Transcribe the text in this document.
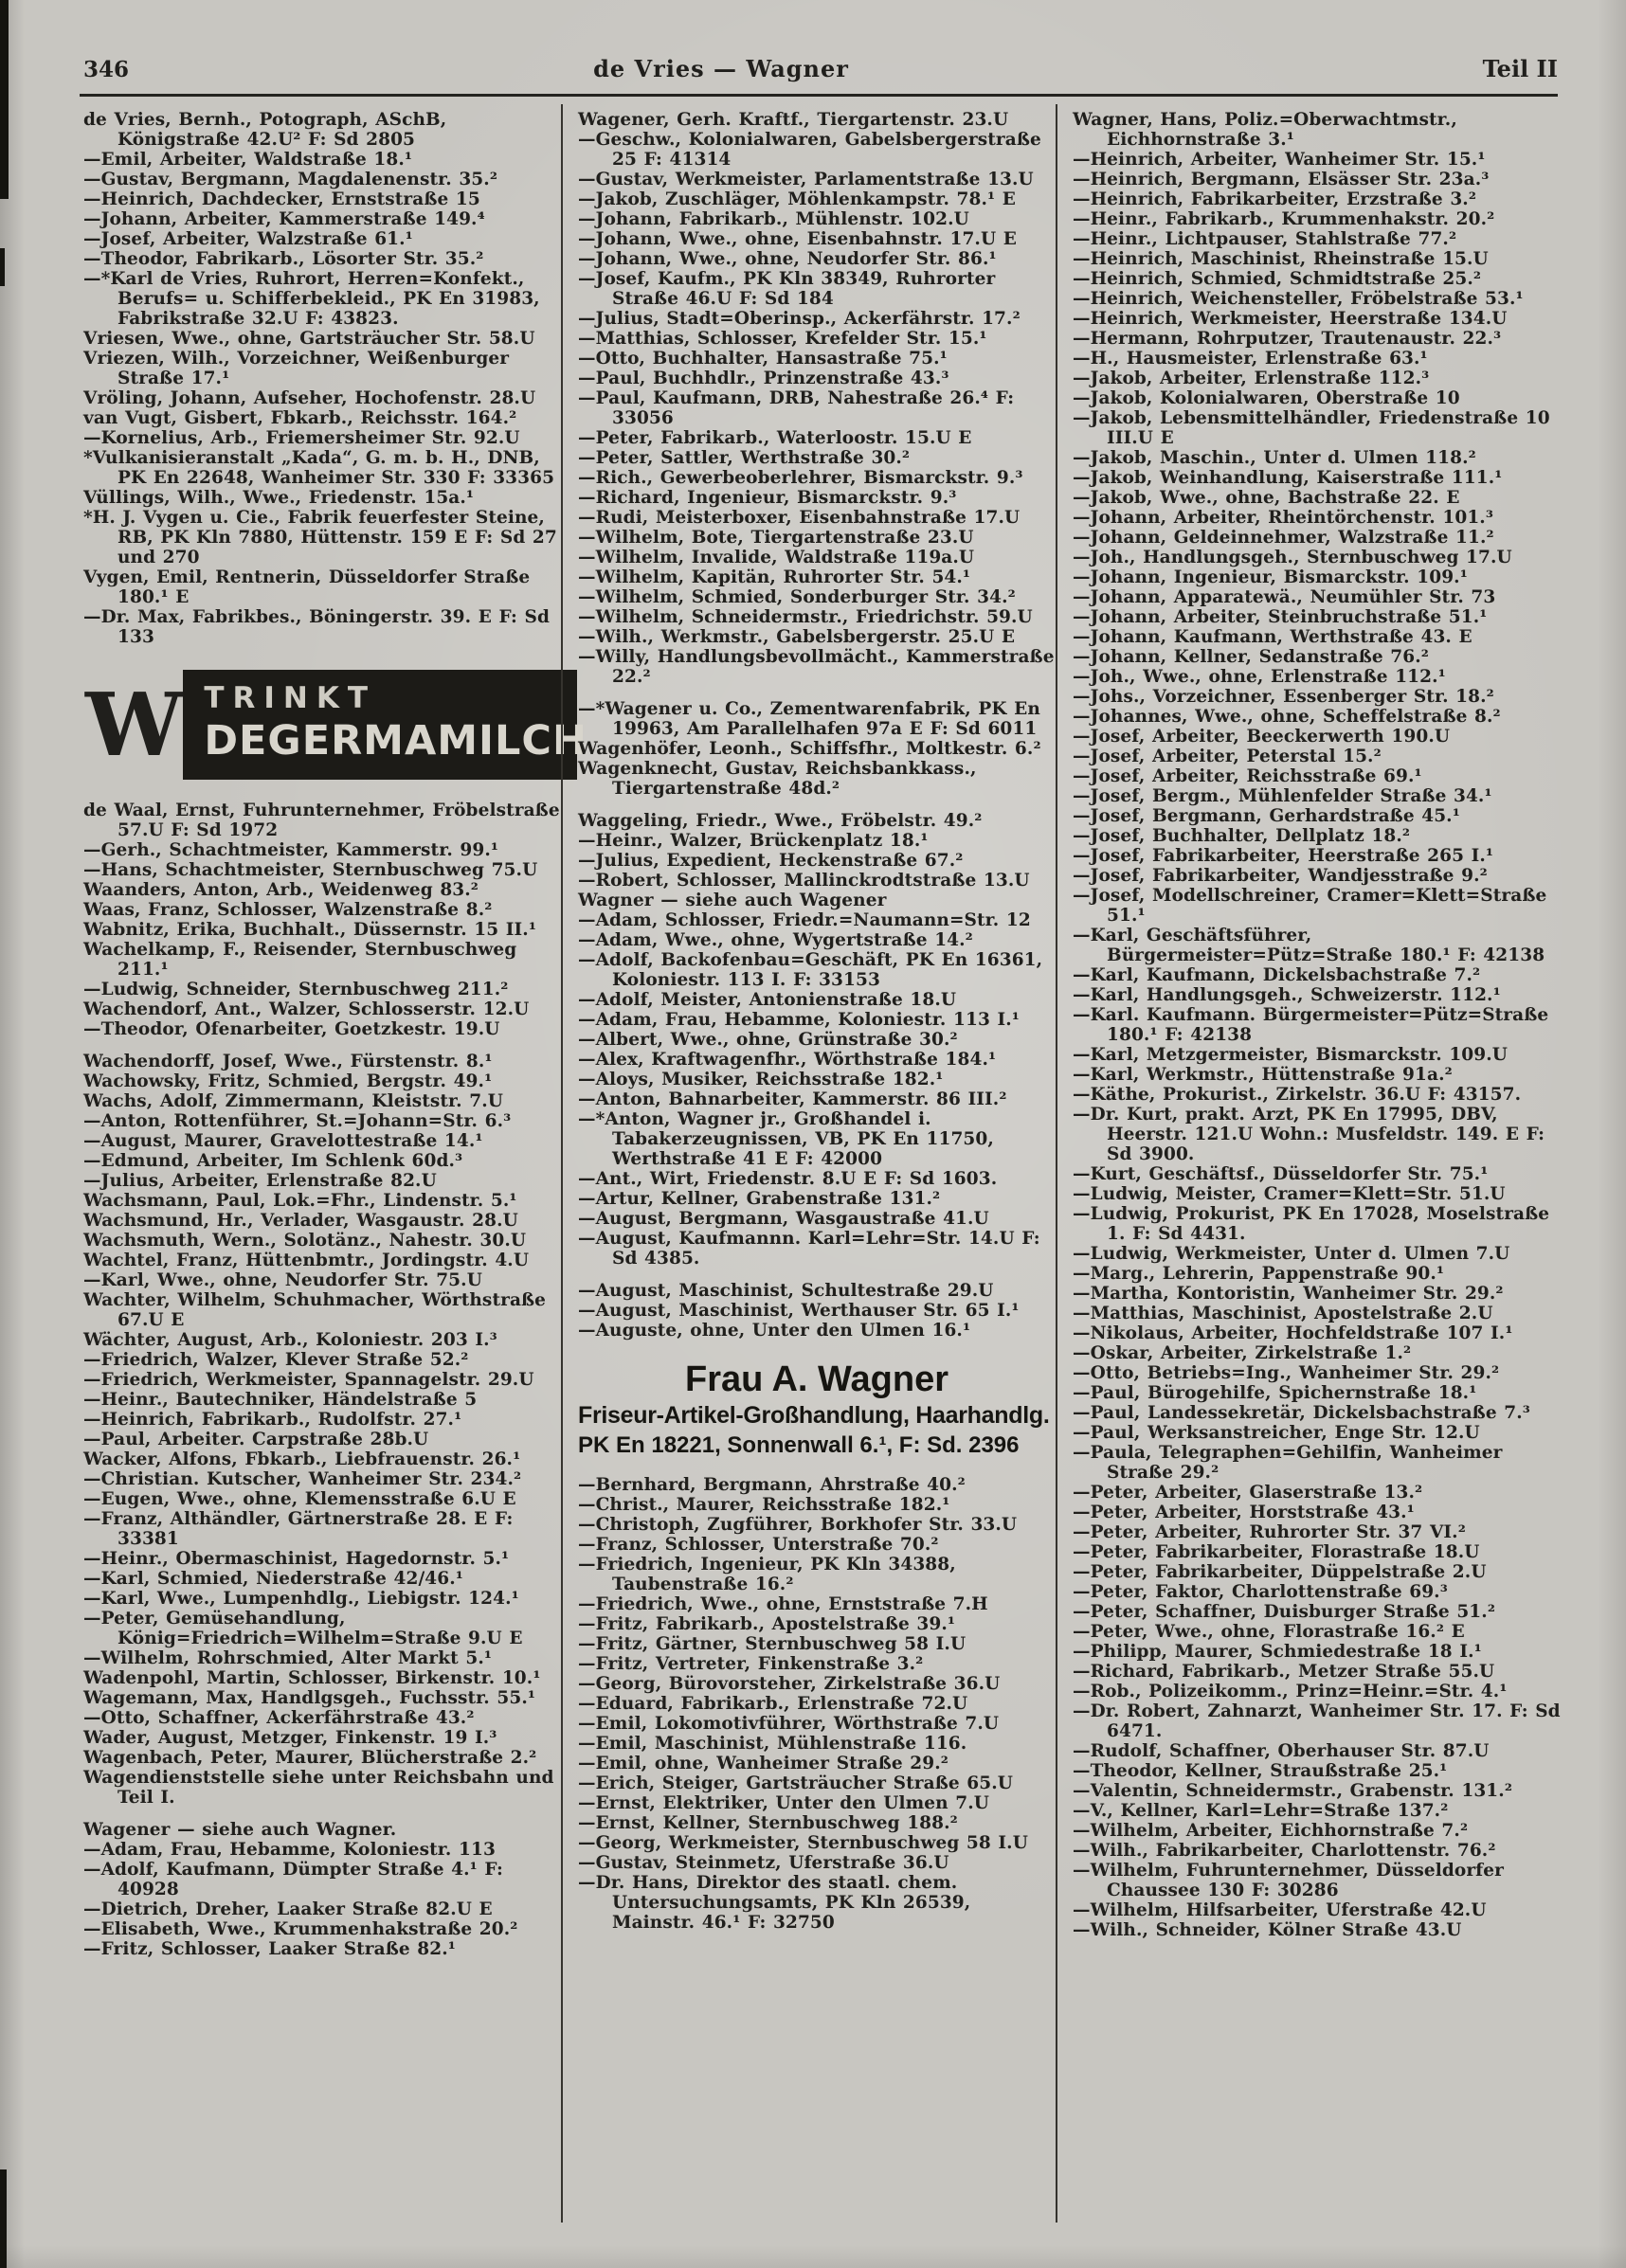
346	de Vries — Wagner	Teil II

de Vries, Bernh., Potograph, ASchB, Königstraße 42.U² F: Sd 2805

—Emil, Arbeiter, Waldstraße 18.¹

—Gustav, Bergmann, Magdalenenstr. 35.²

—Heinrich, Dachdecker, Ernststraße 15

—Johann, Arbeiter, Kammerstraße 149.⁴

—Josef, Arbeiter, Walzstraße 61.¹

—Theodor, Fabrikarb., Lösorter Str. 35.²

—*Karl de Vries, Ruhrort, Herren=Konfekt., Berufs= u. Schifferbekleid., PK En 31983, Fabrikstraße 32.U F: 43823.

Vriesen, Wwe., ohne, Gartsträucher Str. 58.U

Vriezen, Wilh., Vorzeichner, Weißenburger Straße 17.¹

Vröling, Johann, Aufseher, Hochofenstr. 28.U

van Vugt, Gisbert, Fbkarb., Reichsstr. 164.²

—Kornelius, Arb., Friemersheimer Str. 92.U

*Vulkanisieranstalt „Kada“, G. m. b. H., DNB, PK En 22648, Wanheimer Str. 330 F: 33365

Vüllings, Wilh., Wwe., Friedenstr. 15a.¹

*H. J. Vygen u. Cie., Fabrik feuerfester Steine, RB, PK Kln 7880, Hüttenstr. 159 E F: Sd 27 und 270

Vygen, Emil, Rentnerin, Düsseldorfer Straße 180.¹ E

—Dr. Max, Fabrikbes., Böningerstr. 39. E F: Sd 133

W TRINKT
DEGERMAMILCH

de Waal, Ernst, Fuhrunternehmer, Fröbelstraße 57.U F: Sd 1972

—Gerh., Schachtmeister, Kammerstr. 99.¹

—Hans, Schachtmeister, Sternbuschweg 75.U

Waanders, Anton, Arb., Weidenweg 83.²

Waas, Franz, Schlosser, Walzenstraße 8.²

Wabnitz, Erika, Buchhalt., Düssernstr. 15 II.¹

Wachelkamp, F., Reisender, Sternbuschweg 211.¹

—Ludwig, Schneider, Sternbuschweg 211.²

Wachendorf, Ant., Walzer, Schlosserstr. 12.U

—Theodor, Ofenarbeiter, Goetzkestr. 19.U

Wachendorff, Josef, Wwe., Fürstenstr. 8.¹

Wachowsky, Fritz, Schmied, Bergstr. 49.¹

Wachs, Adolf, Zimmermann, Kleiststr. 7.U

—Anton, Rottenführer, St.=Johann=Str. 6.³

—August, Maurer, Gravelottestraße 14.¹

—Edmund, Arbeiter, Im Schlenk 60d.³

—Julius, Arbeiter, Erlenstraße 82.U

Wachsmann, Paul, Lok.=Fhr., Lindenstr. 5.¹

Wachsmund, Hr., Verlader, Wasgaustr. 28.U

Wachsmuth, Wern., Solotänz., Nahestr. 30.U

Wachtel, Franz, Hüttenbmtr., Jordingstr. 4.U

—Karl, Wwe., ohne, Neudorfer Str. 75.U

Wachter, Wilhelm, Schuhmacher, Wörthstraße 67.U E

Wächter, August, Arb., Koloniestr. 203 I.³

—Friedrich, Walzer, Klever Straße 52.²

—Friedrich, Werkmeister, Spannagelstr. 29.U

—Heinr., Bautechniker, Händelstraße 5

—Heinrich, Fabrikarb., Rudolfstr. 27.¹

—Paul, Arbeiter. Carpstraße 28b.U

Wacker, Alfons, Fbkarb., Liebfrauenstr. 26.¹

—Christian. Kutscher, Wanheimer Str. 234.²

—Eugen, Wwe., ohne, Klemensstraße 6.U E

—Franz, Althändler, Gärtnerstraße 28. E F: 33381

—Heinr., Obermaschinist, Hagedornstr. 5.¹

—Karl, Schmied, Niederstraße 42/46.¹

—Karl, Wwe., Lumpenhdlg., Liebigstr. 124.¹

—Peter, Gemüsehandlung, König=Friedrich=Wilhelm=Straße 9.U E

—Wilhelm, Rohrschmied, Alter Markt 5.¹

Wadenpohl, Martin, Schlosser, Birkenstr. 10.¹

Wagemann, Max, Handlgsgeh., Fuchsstr. 55.¹

—Otto, Schaffner, Ackerfährstraße 43.²

Wader, August, Metzger, Finkenstr. 19 I.³

Wagenbach, Peter, Maurer, Blücherstraße 2.²

Wagendienststelle siehe unter Reichsbahn und Teil I.

Wagener — siehe auch Wagner.

—Adam, Frau, Hebamme, Koloniestr. 113

—Adolf, Kaufmann, Dümpter Straße 4.¹ F: 40928

—Dietrich, Dreher, Laaker Straße 82.U E

—Elisabeth, Wwe., Krummenhakstraße 20.²

—Fritz, Schlosser, Laaker Straße 82.¹

Wagener, Gerh. Kraftf., Tiergartenstr. 23.U

—Geschw., Kolonialwaren, Gabelsbergerstraße 25 F: 41314

—Gustav, Werkmeister, Parlamentstraße 13.U

—Jakob, Zuschläger, Möhlenkampstr. 78.¹ E

—Johann, Fabrikarb., Mühlenstr. 102.U

—Johann, Wwe., ohne, Eisenbahnstr. 17.U E

—Johann, Wwe., ohne, Neudorfer Str. 86.¹

—Josef, Kaufm., PK Kln 38349, Ruhrorter Straße 46.U F: Sd 184

—Julius, Stadt=Oberinsp., Ackerfährstr. 17.²

—Matthias, Schlosser, Krefelder Str. 15.¹

—Otto, Buchhalter, Hansastraße 75.¹

—Paul, Buchhdlr., Prinzenstraße 43.³

—Paul, Kaufmann, DRB, Nahestraße 26.⁴ F: 33056

—Peter, Fabrikarb., Waterloostr. 15.U E

—Peter, Sattler, Werthstraße 30.²

—Rich., Gewerbeoberlehrer, Bismarckstr. 9.³

—Richard, Ingenieur, Bismarckstr. 9.³

—Rudi, Meisterboxer, Eisenbahnstraße 17.U

—Wilhelm, Bote, Tiergartenstraße 23.U

—Wilhelm, Invalide, Waldstraße 119a.U

—Wilhelm, Kapitän, Ruhrorter Str. 54.¹

—Wilhelm, Schmied, Sonderburger Str. 34.²

—Wilhelm, Schneidermstr., Friedrichstr. 59.U

—Wilh., Werkmstr., Gabelsbergerstr. 25.U E

—Willy, Handlungsbevollmächt., Kammerstraße 22.²

—*Wagener u. Co., Zementwarenfabrik, PK En 19963, Am Parallelhafen 97a E F: Sd 6011

Wagenhöfer, Leonh., Schiffsfhr., Moltkestr. 6.²

Wagenknecht, Gustav, Reichsbankkass., Tiergartenstraße 48d.²

Waggeling, Friedr., Wwe., Fröbelstr. 49.²

—Heinr., Walzer, Brückenplatz 18.¹

—Julius, Expedient, Heckenstraße 67.²

—Robert, Schlosser, Mallinckrodtstraße 13.U

Wagner — siehe auch Wagener

—Adam, Schlosser, Friedr.=Naumann=Str. 12

—Adam, Wwe., ohne, Wygertstraße 14.²

—Adolf, Backofenbau=Geschäft, PK En 16361, Koloniestr. 113 I. F: 33153

—Adolf, Meister, Antonienstraße 18.U

—Adam, Frau, Hebamme, Koloniestr. 113 I.¹

—Albert, Wwe., ohne, Grünstraße 30.²

—Alex, Kraftwagenfhr., Wörthstraße 184.¹

—Aloys, Musiker, Reichsstraße 182.¹

—Anton, Bahnarbeiter, Kammerstr. 86 III.²

—*Anton, Wagner jr., Großhandel i. Tabakerzeugnissen, VB, PK En 11750, Werthstraße 41 E F: 42000

—Ant., Wirt, Friedenstr. 8.U E F: Sd 1603.

—Artur, Kellner, Grabenstraße 131.²

—August, Bergmann, Wasgaustraße 41.U

—August, Kaufmannn. Karl=Lehr=Str. 14.U F: Sd 4385.

—August, Maschinist, Schultestraße 29.U

—August, Maschinist, Werthauser Str. 65 I.¹

—Auguste, ohne, Unter den Ulmen 16.¹

Frau A. Wagner
Friseur-Artikel-Großhandlung, Haarhandlg.
PK En 18221, Sonnenwall 6.¹, F: Sd. 2396

—Bernhard, Bergmann, Ahrstraße 40.²

—Christ., Maurer, Reichsstraße 182.¹

—Christoph, Zugführer, Borkhofer Str. 33.U

—Franz, Schlosser, Unterstraße 70.²

—Friedrich, Ingenieur, PK Kln 34388, Taubenstraße 16.²

—Friedrich, Wwe., ohne, Ernststraße 7.H

—Fritz, Fabrikarb., Apostelstraße 39.¹

—Fritz, Gärtner, Sternbuschweg 58 I.U

—Fritz, Vertreter, Finkenstraße 3.²

—Georg, Bürovorsteher, Zirkelstraße 36.U

—Eduard, Fabrikarb., Erlenstraße 72.U

—Emil, Lokomotivführer, Wörthstraße 7.U

—Emil, Maschinist, Mühlenstraße 116.

—Emil, ohne, Wanheimer Straße 29.²

—Erich, Steiger, Gartsträucher Straße 65.U

—Ernst, Elektriker, Unter den Ulmen 7.U

—Ernst, Kellner, Sternbuschweg 188.²

—Georg, Werkmeister, Sternbuschweg 58 I.U

—Gustav, Steinmetz, Uferstraße 36.U

—Dr. Hans, Direktor des staatl. chem. Untersuchungsamts, PK Kln 26539, Mainstr. 46.¹ F: 32750

Wagner, Hans, Poliz.=Oberwachtmstr., Eichhornstraße 3.¹

—Heinrich, Arbeiter, Wanheimer Str. 15.¹

—Heinrich, Bergmann, Elsässer Str. 23a.³

—Heinrich, Fabrikarbeiter, Erzstraße 3.²

—Heinr., Fabrikarb., Krummenhakstr. 20.²

—Heinr., Lichtpauser, Stahlstraße 77.²

—Heinrich, Maschinist, Rheinstraße 15.U

—Heinrich, Schmied, Schmidtstraße 25.²

—Heinrich, Weichensteller, Fröbelstraße 53.¹

—Heinrich, Werkmeister, Heerstraße 134.U

—Hermann, Rohrputzer, Trautenaustr. 22.³

—H., Hausmeister, Erlenstraße 63.¹

—Jakob, Arbeiter, Erlenstraße 112.³

—Jakob, Kolonialwaren, Oberstraße 10

—Jakob, Lebensmittelhändler, Friedenstraße 10 III.U E

—Jakob, Maschin., Unter d. Ulmen 118.²

—Jakob, Weinhandlung, Kaiserstraße 111.¹

—Jakob, Wwe., ohne, Bachstraße 22. E

—Johann, Arbeiter, Rheintörchenstr. 101.³

—Johann, Geldeinnehmer, Walzstraße 11.²

—Joh., Handlungsgeh., Sternbuschweg 17.U

—Johann, Ingenieur, Bismarckstr. 109.¹

—Johann, Apparatewä., Neumühler Str. 73

—Johann, Arbeiter, Steinbruchstraße 51.¹

—Johann, Kaufmann, Werthstraße 43. E

—Johann, Kellner, Sedanstraße 76.²

—Joh., Wwe., ohne, Erlenstraße 112.¹

—Johs., Vorzeichner, Essenberger Str. 18.²

—Johannes, Wwe., ohne, Scheffelstraße 8.²

—Josef, Arbeiter, Beeckerwerth 190.U

—Josef, Arbeiter, Peterstal 15.²

—Josef, Arbeiter, Reichsstraße 69.¹

—Josef, Bergm., Mühlenfelder Straße 34.¹

—Josef, Bergmann, Gerhardstraße 45.¹

—Josef, Buchhalter, Dellplatz 18.²

—Josef, Fabrikarbeiter, Heerstraße 265 I.¹

—Josef, Fabrikarbeiter, Wandjesstraße 9.²

—Josef, Modellschreiner, Cramer=Klett=Straße 51.¹

—Karl, Geschäftsführer, Bürgermeister=Pütz=Straße 180.¹ F: 42138

—Karl, Kaufmann, Dickelsbachstraße 7.²

—Karl, Handlungsgeh., Schweizerstr. 112.¹

—Karl. Kaufmann. Bürgermeister=Pütz=Straße 180.¹ F: 42138

—Karl, Metzgermeister, Bismarckstr. 109.U

—Karl, Werkmstr., Hüttenstraße 91a.²

—Käthe, Prokurist., Zirkelstr. 36.U F: 43157.

—Dr. Kurt, prakt. Arzt, PK En 17995, DBV, Heerstr. 121.U Wohn.: Musfeldstr. 149. E F: Sd 3900.

—Kurt, Geschäftsf., Düsseldorfer Str. 75.¹

—Ludwig, Meister, Cramer=Klett=Str. 51.U

—Ludwig, Prokurist, PK En 17028, Moselstraße 1. F: Sd 4431.

—Ludwig, Werkmeister, Unter d. Ulmen 7.U

—Marg., Lehrerin, Pappenstraße 90.¹

—Martha, Kontoristin, Wanheimer Str. 29.²

—Matthias, Maschinist, Apostelstraße 2.U

—Nikolaus, Arbeiter, Hochfeldstraße 107 I.¹

—Oskar, Arbeiter, Zirkelstraße 1.²

—Otto, Betriebs=Ing., Wanheimer Str. 29.²

—Paul, Bürogehilfe, Spichernstraße 18.¹

—Paul, Landessekretär, Dickelsbachstraße 7.³

—Paul, Werksanstreicher, Enge Str. 12.U

—Paula, Telegraphen=Gehilfin, Wanheimer Straße 29.²

—Peter, Arbeiter, Glaserstraße 13.²

—Peter, Arbeiter, Horststraße 43.¹

—Peter, Arbeiter, Ruhrorter Str. 37 VI.²

—Peter, Fabrikarbeiter, Florastraße 18.U

—Peter, Fabrikarbeiter, Düppelstraße 2.U

—Peter, Faktor, Charlottenstraße 69.³

—Peter, Schaffner, Duisburger Straße 51.²

—Peter, Wwe., ohne, Florastraße 16.² E

—Philipp, Maurer, Schmiedestraße 18 I.¹

—Richard, Fabrikarb., Metzer Straße 55.U

—Rob., Polizeikomm., Prinz=Heinr.=Str. 4.¹

—Dr. Robert, Zahnarzt, Wanheimer Str. 17. F: Sd 6471.

—Rudolf, Schaffner, Oberhauser Str. 87.U

—Theodor, Kellner, Straußstraße 25.¹

—Valentin, Schneidermstr., Grabenstr. 131.²

—V., Kellner, Karl=Lehr=Straße 137.²

—Wilhelm, Arbeiter, Eichhornstraße 7.²

—Wilh., Fabrikarbeiter, Charlottenstr. 76.²

—Wilhelm, Fuhrunternehmer, Düsseldorfer Chaussee 130 F: 30286

—Wilhelm, Hilfsarbeiter, Uferstraße 42.U

—Wilh., Schneider, Kölner Straße 43.U
